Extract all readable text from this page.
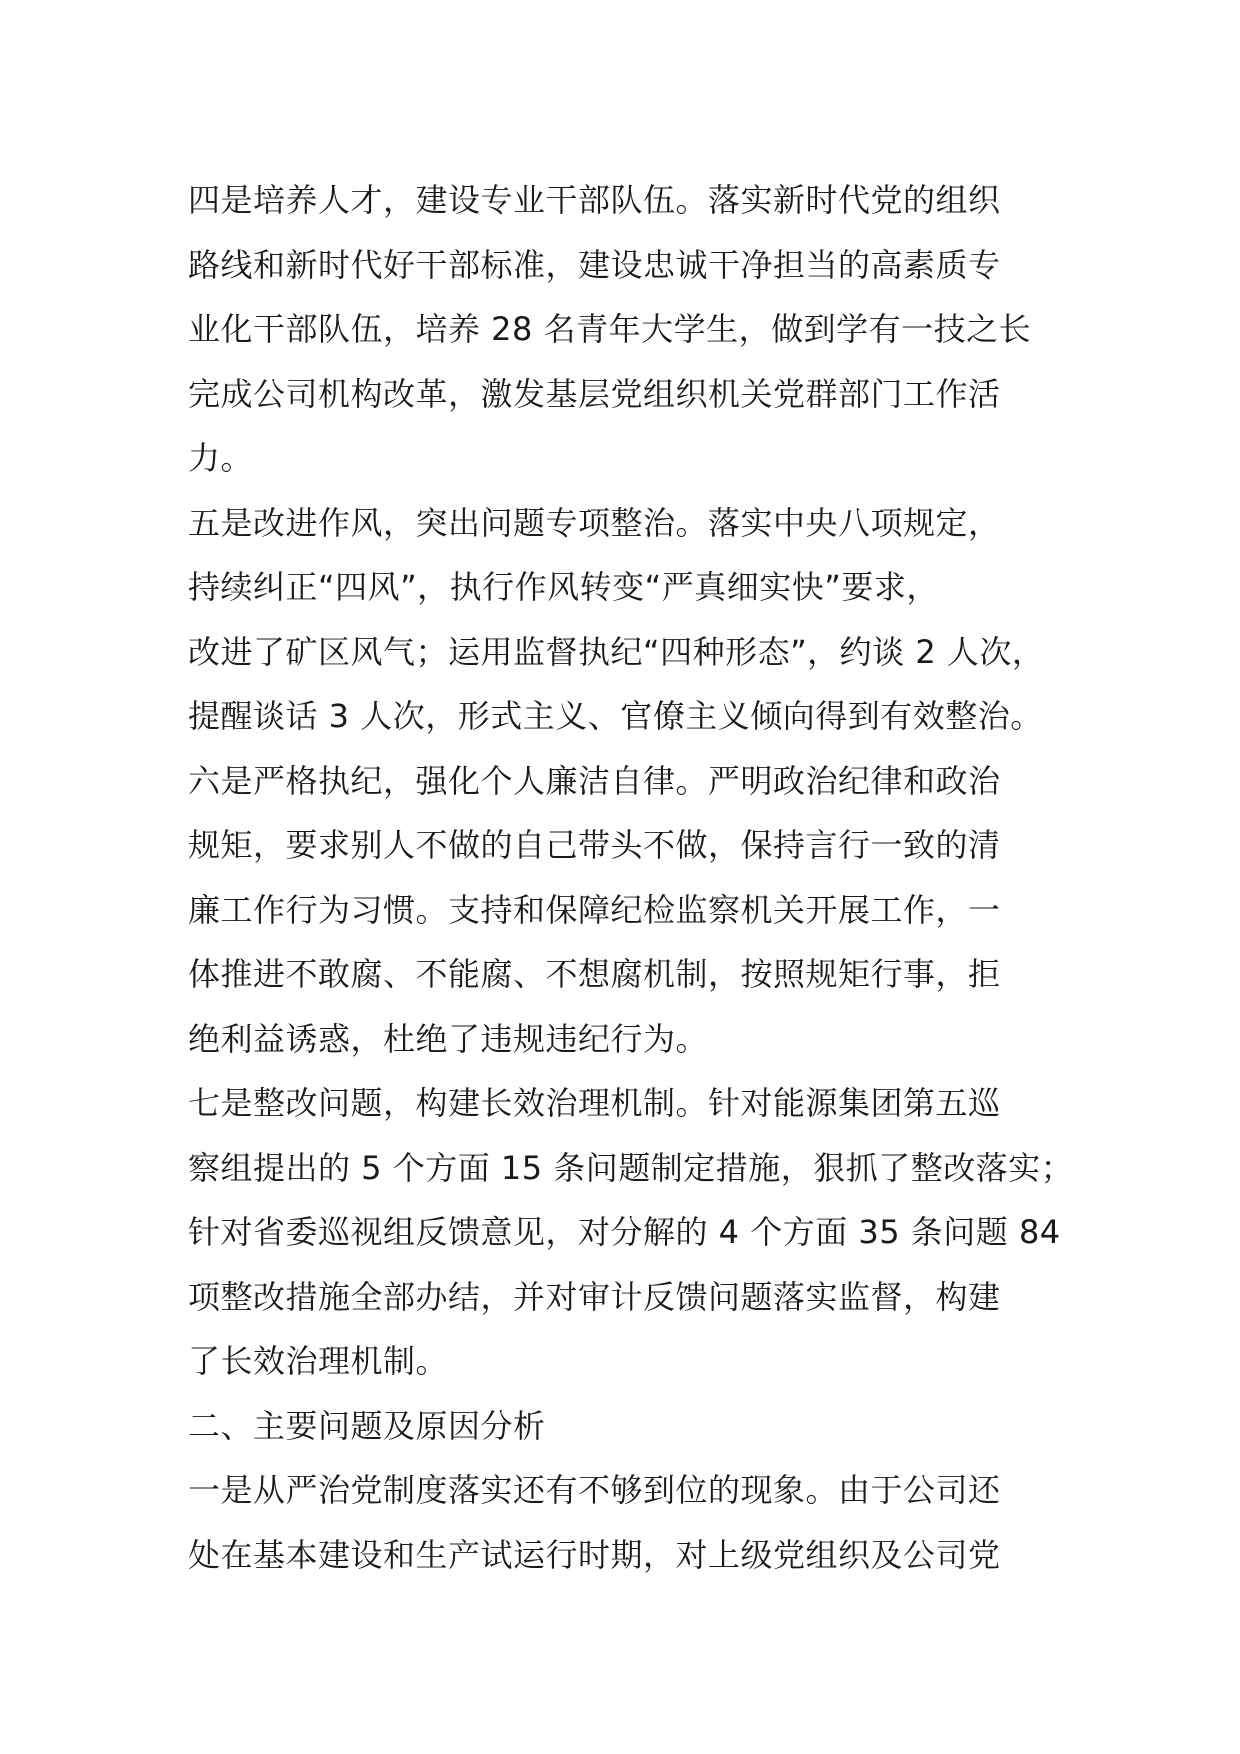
四是培养人才，建设专业干部队伍。落实新时代党的组织
路线和新时代好干部标准，建设忠诚干净担当的高素质专
业化干部队伍，培养 28 名青年大学生，做到学有一技之长
完成公司机构改革，激发基层党组织机关党群部门工作活
力。
五是改进作风，突出问题专项整治。落实中央八项规定，
持续纠正“四风”，执行作风转变“严真细实快”要求，
改进了矿区风气；运用监督执纪“四种形态”，约谈 2 人次，
提醒谈话 3 人次，形式主义、官僚主义倾向得到有效整治。
六是严格执纪，强化个人廉洁自律。严明政治纪律和政治
规矩，要求别人不做的自己带头不做，保持言行一致的清
廉工作行为习惯。支持和保障纪检监察机关开展工作，一
体推进不敢腐、不能腐、不想腐机制，按照规矩行事，拒
绝利益诱惑，杜绝了违规违纪行为。
七是整改问题，构建长效治理机制。针对能源集团第五巡
察组提出的 5 个方面 15 条问题制定措施，狠抓了整改落实；
针对省委巡视组反馈意见，对分解的 4 个方面 35 条问题 84
项整改措施全部办结，并对审计反馈问题落实监督，构建
了长效治理机制。
二、主要问题及原因分析
一是从严治党制度落实还有不够到位的现象。由于公司还
处在基本建设和生产试运行时期，对上级党组织及公司党
